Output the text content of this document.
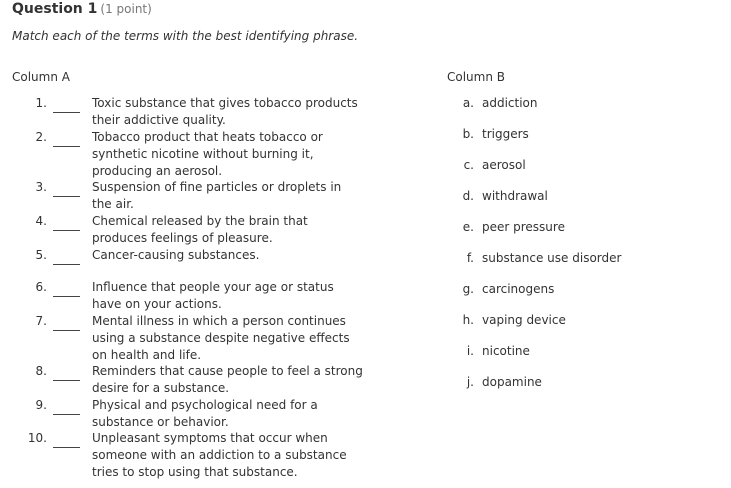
Question 1 (1 point)
Match each of the terms with the best identifying phrase.
Column A	Column B
1.	Toxic substance that gives tobacco products their addictive quality.
2.	Tobacco product that heats tobacco or synthetic nicotine without burning it, producing an aerosol.
3.	Suspension of fine particles or droplets in the air.
4.	Chemical released by the brain that produces feelings of pleasure.
5.	Cancer-causing substances.
6.	Influence that people your age or status have on your actions.
7.	Mental illness in which a person continues using a substance despite negative effects on health and life.
8.	Reminders that cause people to feel a strong desire for a substance.
9.	Physical and psychological need for a substance or behavior.
10.	Unpleasant symptoms that occur when someone with an addiction to a substance tries to stop using that substance.
a. addiction
b. triggers
c. aerosol
d. withdrawal
e. peer pressure
f. substance use disorder
g. carcinogens
h. vaping device
i. nicotine
j. dopamine
